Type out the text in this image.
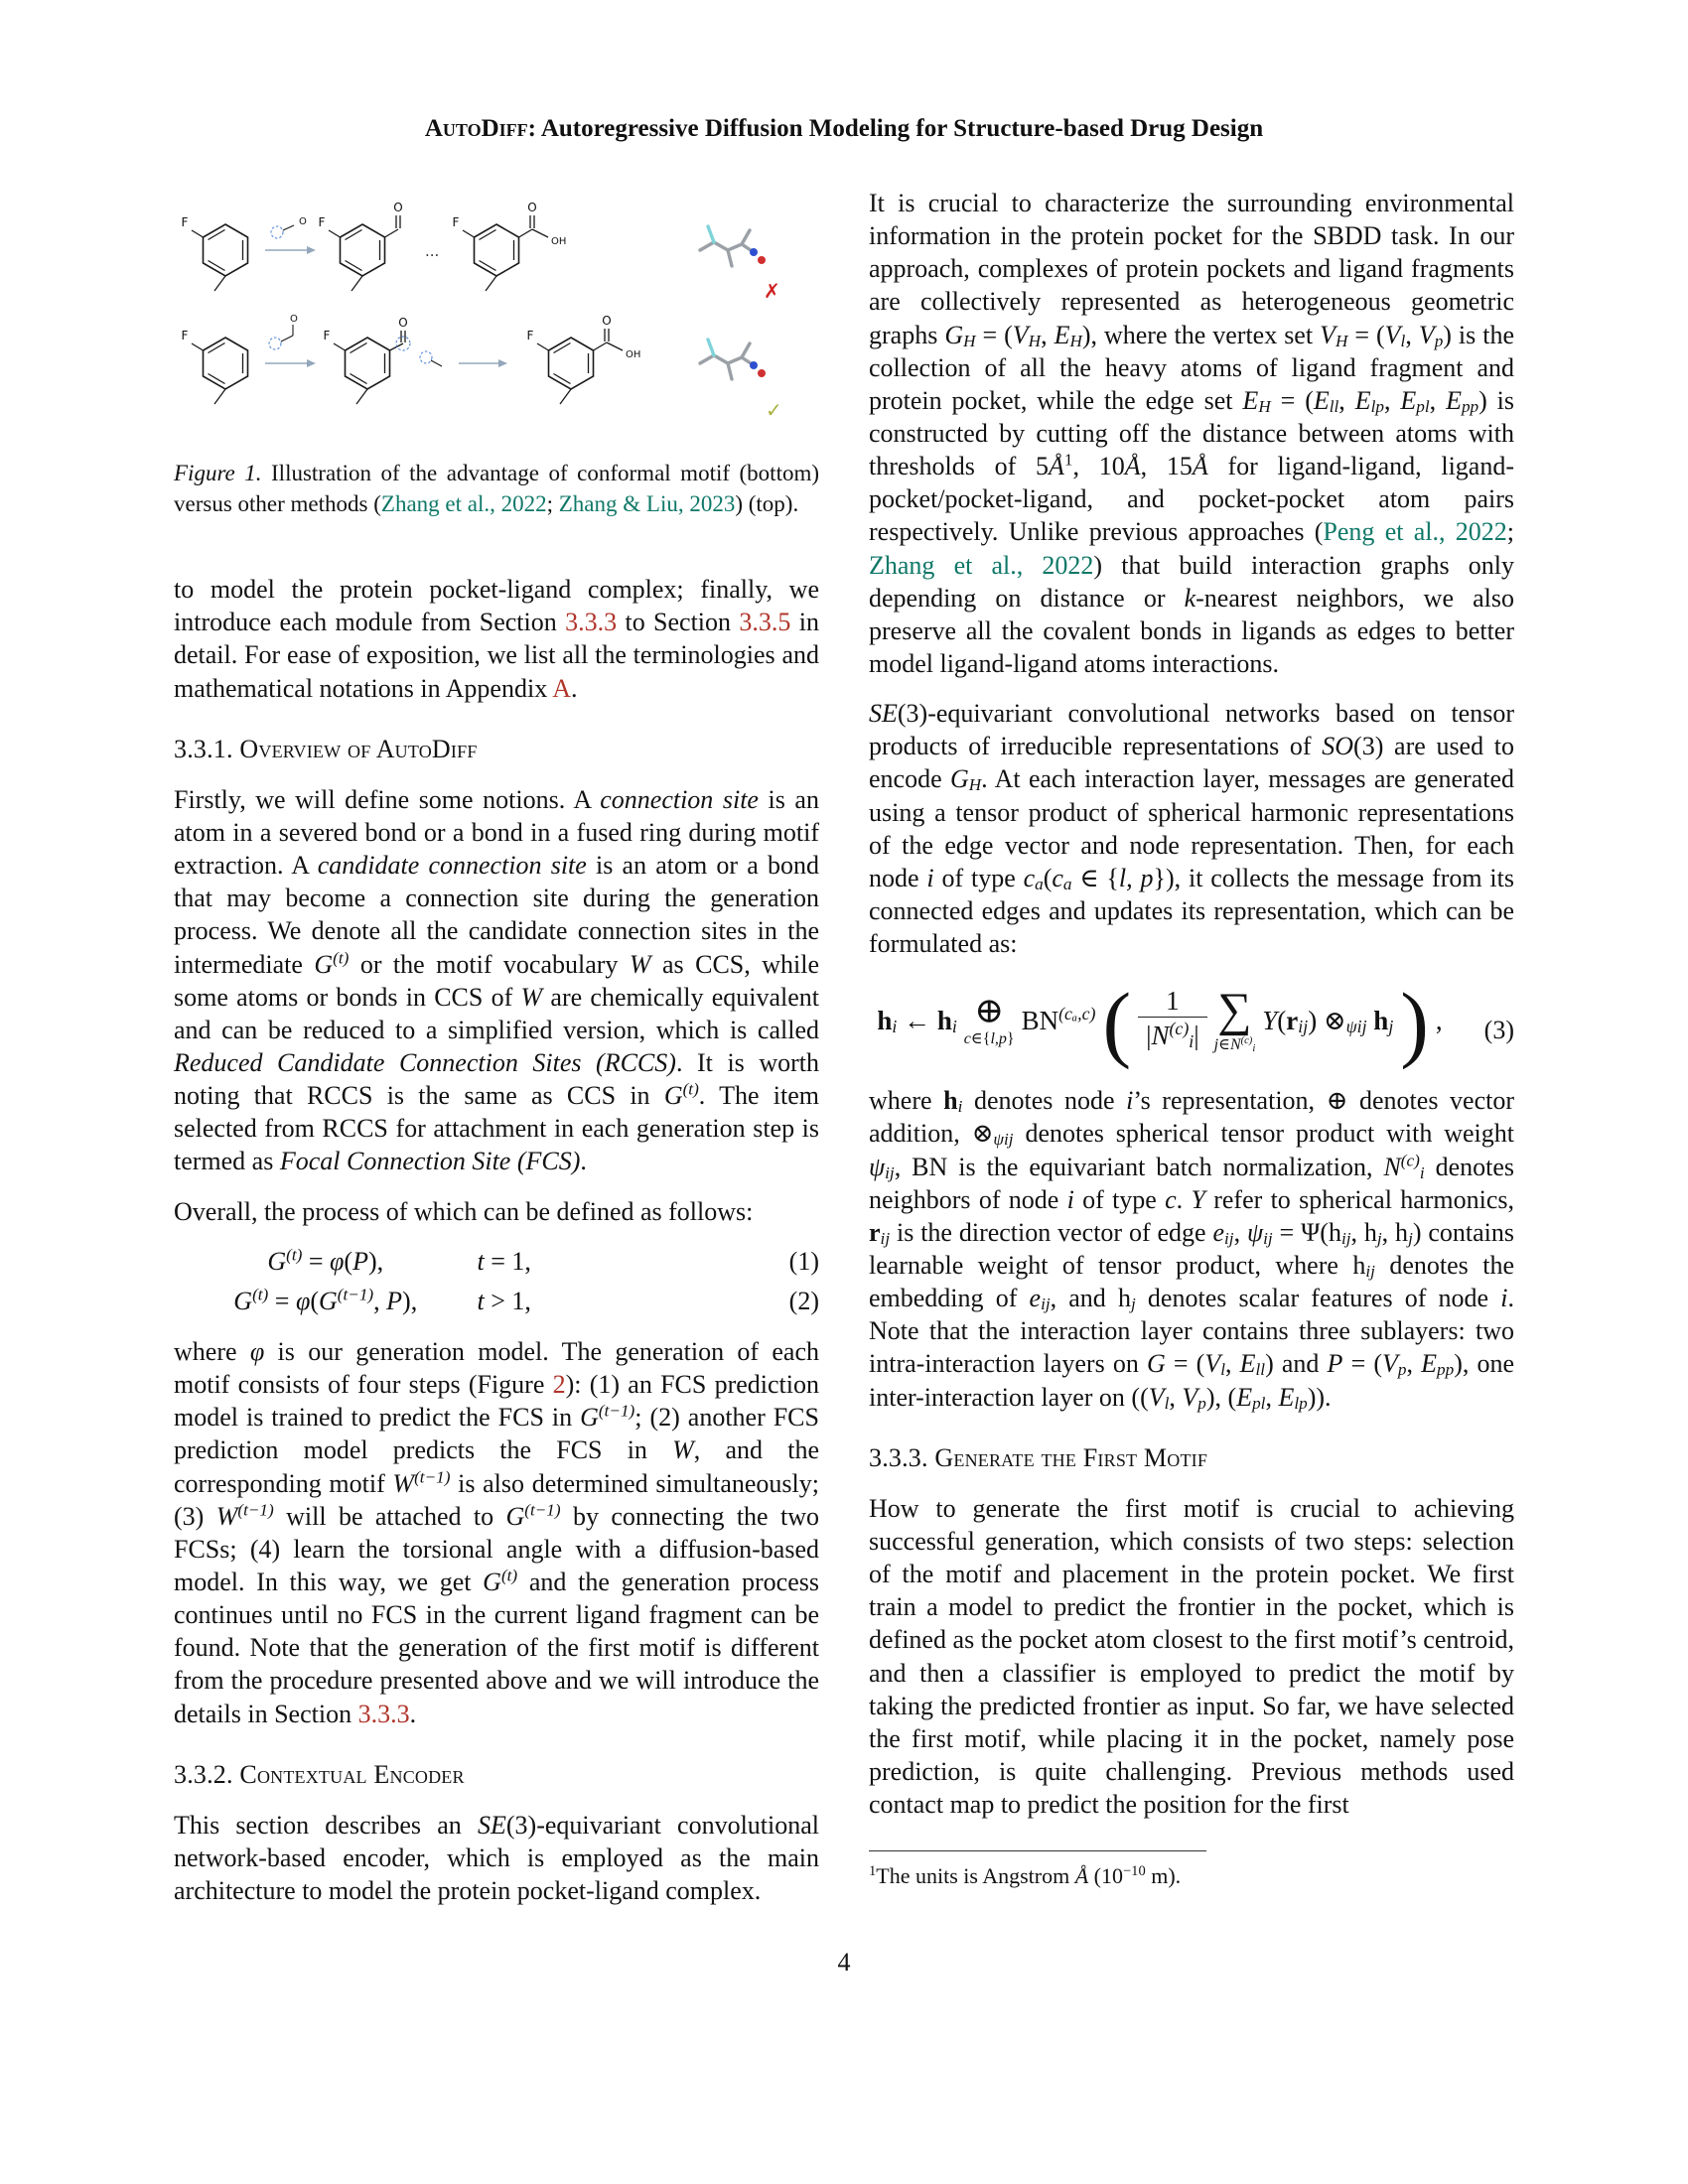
AutoDiff: Autoregressive Diffusion Modeling for Structure-based Drug Design
F	O F
O
...
F
O
OH
✗
F
O
F
O
F
O
OH
✓
Figure 1. Illustration of the advantage of conformal motif (bottom) versus other methods (Zhang et al., 2022; Zhang & Liu, 2023) (top).

to model the protein pocket-ligand complex; finally, we introduce each module from Section 3.3.3 to Section 3.3.5 in detail. For ease of exposition, we list all the terminologies and mathematical notations in Appendix A.

3.3.1. Overview of AutoDiff

Firstly, we will define some notions. A connection site is an atom in a severed bond or a bond in a fused ring during motif extraction. A candidate connection site is an atom or a bond that may become a connection site during the generation process. We denote all the candidate connection sites in the intermediate $G^{(t)}$ or the motif vocabulary W as CCS, while some atoms or bonds in CCS of W are chemically equivalent and can be reduced to a simplified version, which is called Reduced Candidate Connection Sites (RCCS). It is worth noting that RCCS is the same as CCS in $G^{(t)}$. The item selected from RCCS for attachment in each generation step is termed as Focal Connection Site (FCS).

Overall, the process of which can be defined as follows:

$G^{(t)} = \varphi(P)$,	t = 1,	(1)
$G^{(t)} = \varphi(G^{(t-1)}$, P),	t > 1,	(2)

where φ is our generation model. The generation of each motif consists of four steps (Figure 2): (1) an FCS prediction model is trained to predict the FCS in $G^{(t-1)}$; (2) another FCS prediction model predicts the FCS in W, and the corresponding motif $W^{(t-1)}$ is also determined simultaneously; (3) $W^{(t-1)}$ will be attached to $G^{(t-1)}$ by connecting the two FCSs; (4) learn the torsional angle with a diffusion-based model. In this way, we get $G^{(t)}$ and the generation process continues until no FCS in the current ligand fragment can be found. Note that the generation of the first motif is different from the procedure presented above and we will introduce the details in Section 3.3.3.

3.3.2. Contextual Encoder

This section describes an SE(3)-equivariant convolutional network-based encoder, which is employed as the main architecture to model the protein pocket-ligand complex.

It is crucial to characterize the surrounding environmental information in the protein pocket for the SBDD task. In our approach, complexes of protein pockets and ligand fragments are collectively represented as heterogeneous geometric graphs GH = (VH, EH), where the vertex set VH = (Vl, Vp) is the collection of all the heavy atoms of ligand fragment and protein pocket, while the edge set EH = (Ell, Elp, Epl, Epp) is constructed by cutting off the distance between atoms with thresholds of $5Å^1$, 10Å, 15Å for ligand-ligand, ligand-pocket/pocket-ligand, and pocket-pocket atom pairs respectively. Unlike previous approaches (Peng et al., 2022; Zhang et al., 2022) that build interaction graphs only depending on distance or k-nearest neighbors, we also preserve all the covalent bonds in ligands as edges to better model ligand-ligand atoms interactions.

SE(3)-equivariant convolutional networks based on tensor products of irreducible representations of SO(3) are used to encode GH. At each interaction layer, messages are generated using a tensor product of spherical harmonic representations of the edge vector and node representation. Then, for each node i of type ca(ca ∈ {l, p}), it collects the message from its connected edges and updates its representation, which can be formulated as:

hi ← hi ⊕
c∈{l,p}
$BN^{(c_a,c)}$ ( $\frac{1}{|N^{(c)}i|}$ ∑
$j\in N^{(c)}i$
Y(rij) ⊗ψij hj ) , (3)

where hi denotes node i’s representation, ⊕ denotes vector addition, ⊗ψij denotes spherical tensor product with weight ψij, BN is the equivariant batch normalization, $N^{(c)}i$ denotes neighbors of node i of type c. Y refer to spherical harmonics, rij is the direction vector of edge eij, ψij = Ψ(hij, hj, hj) contains learnable weight of tensor product, where hij denotes the embedding of eij, and hj denotes scalar features of node i. Note that the interaction layer contains three sublayers: two intra-interaction layers on G = (Vl, Ell) and P = (Vp, Epp), one inter-interaction layer on ((Vl, Vp), (Epl, Elp)).

3.3.3. Generate the First Motif

How to generate the first motif is crucial to achieving successful generation, which consists of two steps: selection of the motif and placement in the protein pocket. We first train a model to predict the frontier in the pocket, which is defined as the pocket atom closest to the first motif’s centroid, and then a classifier is employed to predict the motif by taking the predicted frontier as input. So far, we have selected the first motif, while placing it in the pocket, namely pose prediction, is quite challenging. Previous methods used contact map to predict the position for the first

$^1$The units is Angstrom Å ($10^{-10}$ m).
4
